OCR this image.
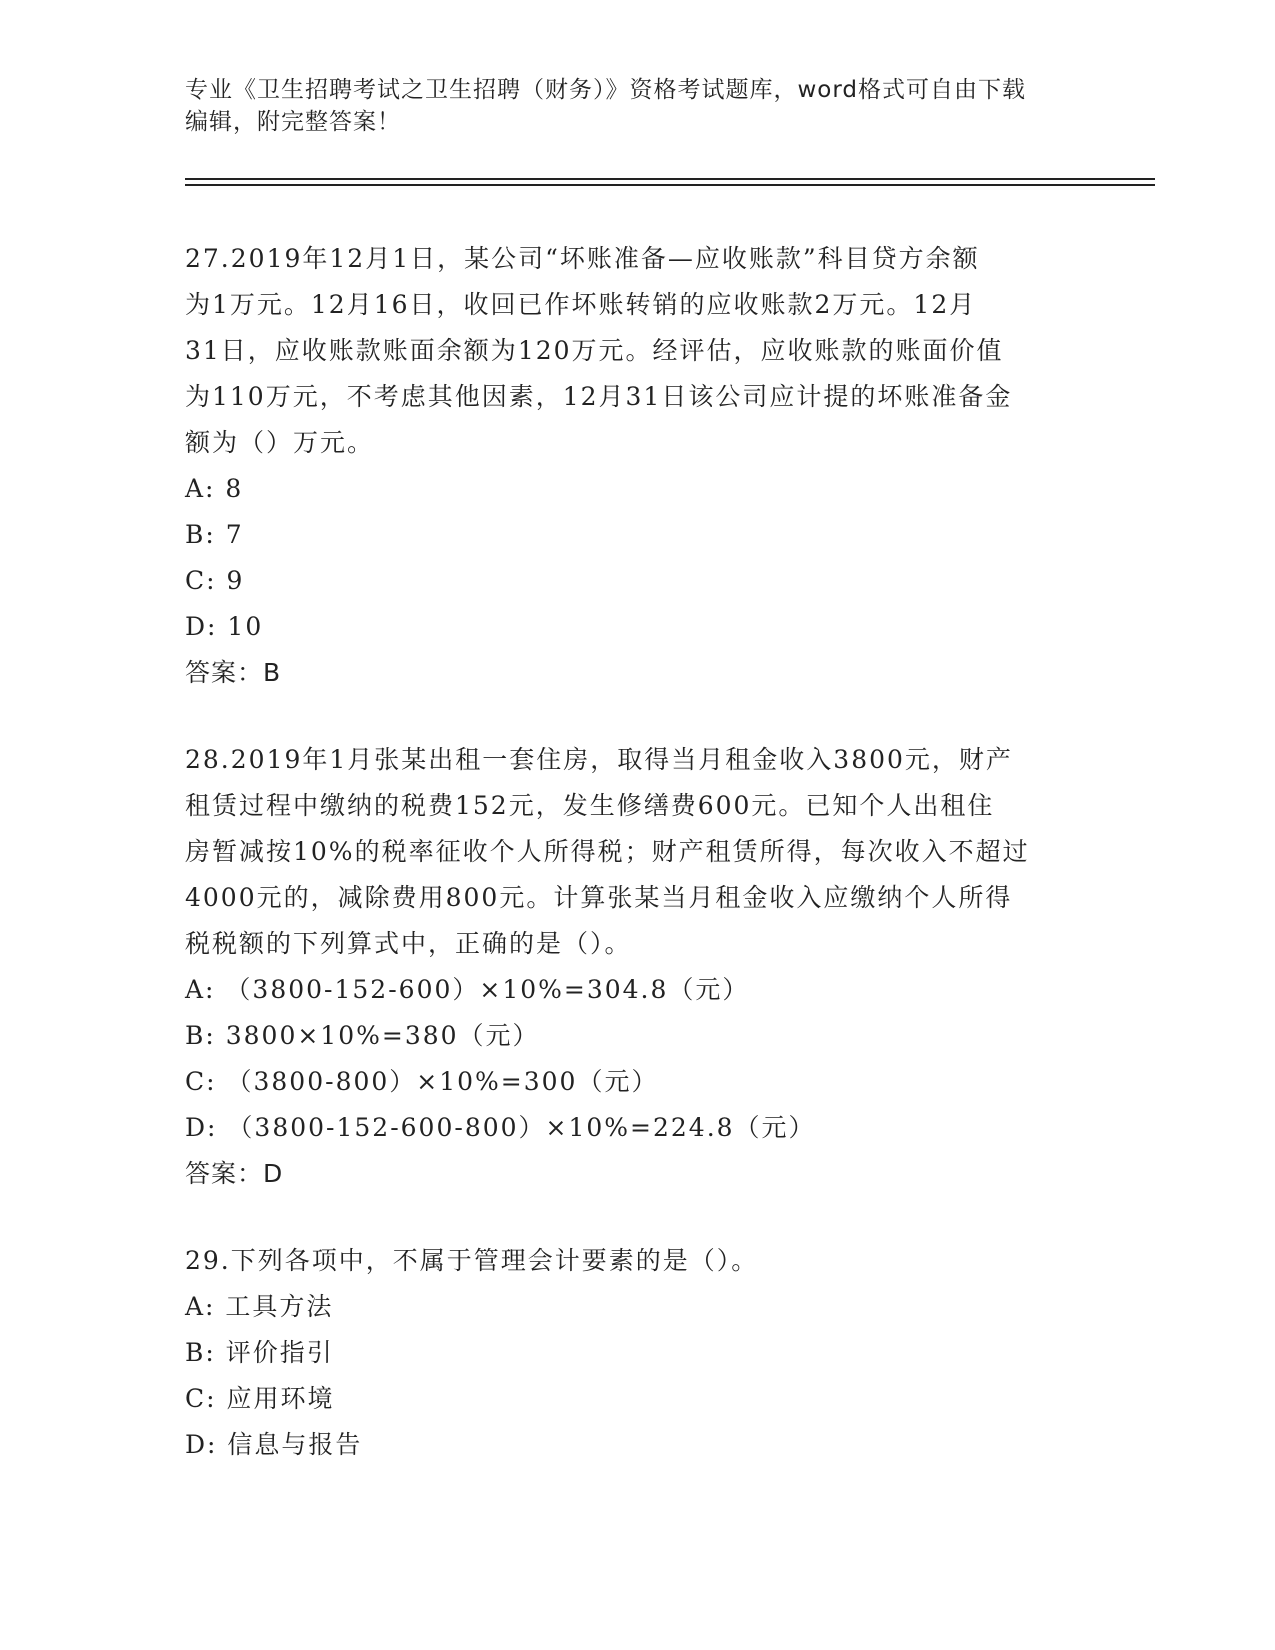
专业《卫生招聘考试之卫生招聘（财务）》资格考试题库，word格式可自由下载
编辑，附完整答案！
27.2019年12月1日，某公司“坏账准备—应收账款”科目贷方余额
为1万元。12月16日，收回已作坏账转销的应收账款2万元。12月
31日，应收账款账面余额为120万元。经评估，应收账款的账面价值
为110万元，不考虑其他因素，12月31日该公司应计提的坏账准备金
额为（）万元。
A: 8
B: 7
C: 9
D: 10
答案：B
28.2019年1月张某出租一套住房，取得当月租金收入3800元，财产
租赁过程中缴纳的税费152元，发生修缮费600元。已知个人出租住
房暂减按10%的税率征收个人所得税；财产租赁所得，每次收入不超过
4000元的，减除费用800元。计算张某当月租金收入应缴纳个人所得
税税额的下列算式中，正确的是（）。
A: （3800-152-600）×10%=304.8（元）
B: 3800×10%=380（元）
C: （3800-800）×10%=300（元）
D: （3800-152-600-800）×10%=224.8（元）
答案：D
29.下列各项中，不属于管理会计要素的是（）。
A: 工具方法
B: 评价指引
C: 应用环境
D: 信息与报告
